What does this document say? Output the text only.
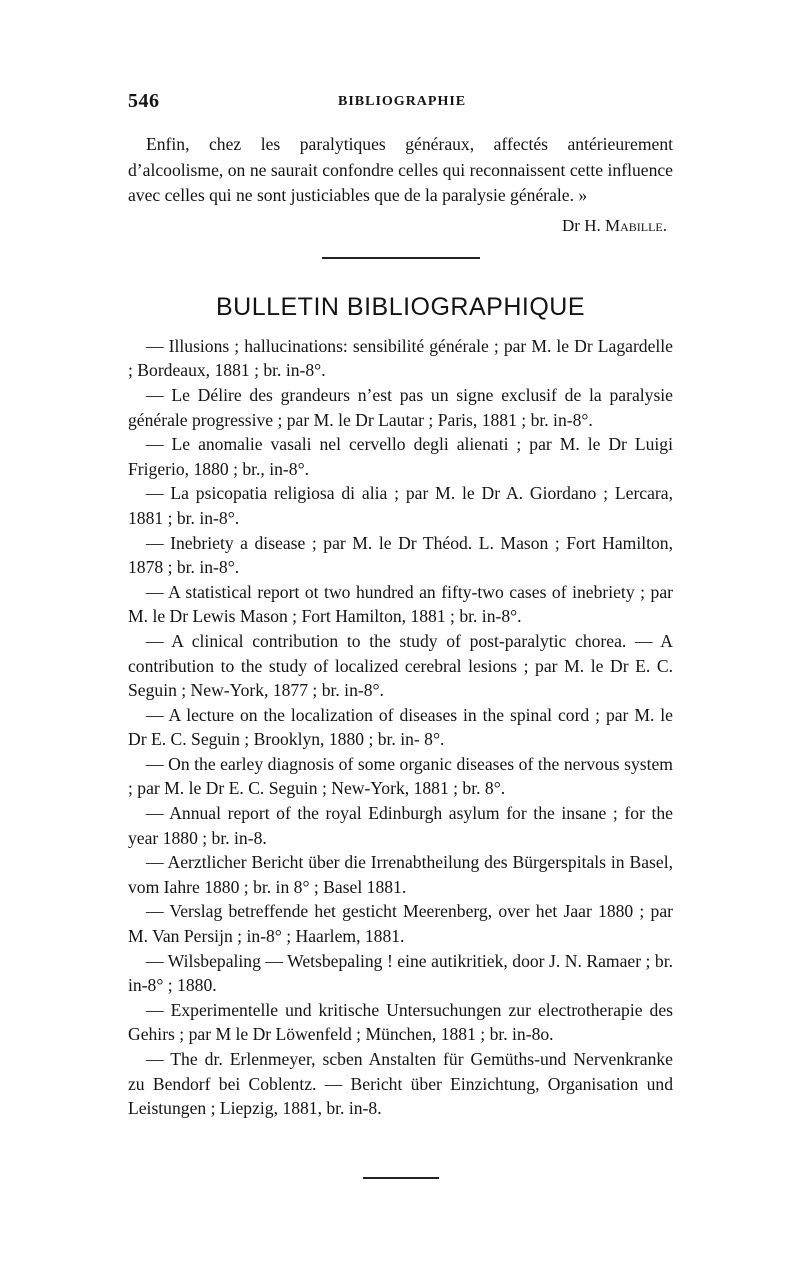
546	BIBLIOGRAPHIE

Enfin, chez les paralytiques généraux, affectés antérieurement d’alcoolisme, on ne saurait confondre celles qui reconnaissent cette influence avec celles qui ne sont justiciables que de la paralysie générale. »

Dr H. Mabille.
BULLETIN BIBLIOGRAPHIQUE
— Illusions ; hallucinations: sensibilité générale ; par M. le Dr Lagardelle ; Bordeaux, 1881 ; br. in-8°.
— Le Délire des grandeurs n’est pas un signe exclusif de la paralysie générale progressive ; par M. le Dr Lautar ; Paris, 1881 ; br. in-8°.
— Le anomalie vasali nel cervello degli alienati ; par M. le Dr Luigi Frigerio, 1880 ; br., in-8°.
— La psicopatia religiosa di alia ; par M. le Dr A. Giordano ; Lercara, 1881 ; br. in-8°.
— Inebriety a disease ; par M. le Dr Théod. L. Mason ; Fort Hamilton, 1878 ; br. in-8°.
— A statistical report ot two hundred an fifty-two cases of inebriety ; par M. le Dr Lewis Mason ; Fort Hamilton, 1881 ; br. in-8°.
— A clinical contribution to the study of post-paralytic chorea. — A contribution to the study of localized cerebral lesions ; par M. le Dr E. C. Seguin ; New-York, 1877 ; br. in-8°.
— A lecture on the localization of diseases in the spinal cord ; par M. le Dr E. C. Seguin ; Brooklyn, 1880 ; br. in- 8°.
— On the earley diagnosis of some organic diseases of the nervous system ; par M. le Dr E. C. Seguin ; New-York, 1881 ; br. 8°.
— Annual report of the royal Edinburgh asylum for the insane ; for the year 1880 ; br. in-8.
— Aerztlicher Bericht über die Irrenabtheilung des Bürgerspitals in Basel, vom Iahre 1880 ; br. in 8° ; Basel 1881.
— Verslag betreffende het gesticht Meerenberg, over het Jaar 1880 ; par M. Van Persijn ; in-8° ; Haarlem, 1881.
— Wilsbepaling — Wetsbepaling ! eine autikritiek, door J. N. Ramaer ; br. in-8° ; 1880.
— Experimentelle und kritische Untersuchungen zur electrotherapie des Gehirs ; par M le Dr Löwenfeld ; München, 1881 ; br. in-8o.
— The dr. Erlenmeyer, scben Anstalten für Gemüths-und Nervenkranke zu Bendorf bei Coblentz. — Bericht über Einzichtung, Organisation und Leistungen ; Liepzig, 1881, br. in-8.
